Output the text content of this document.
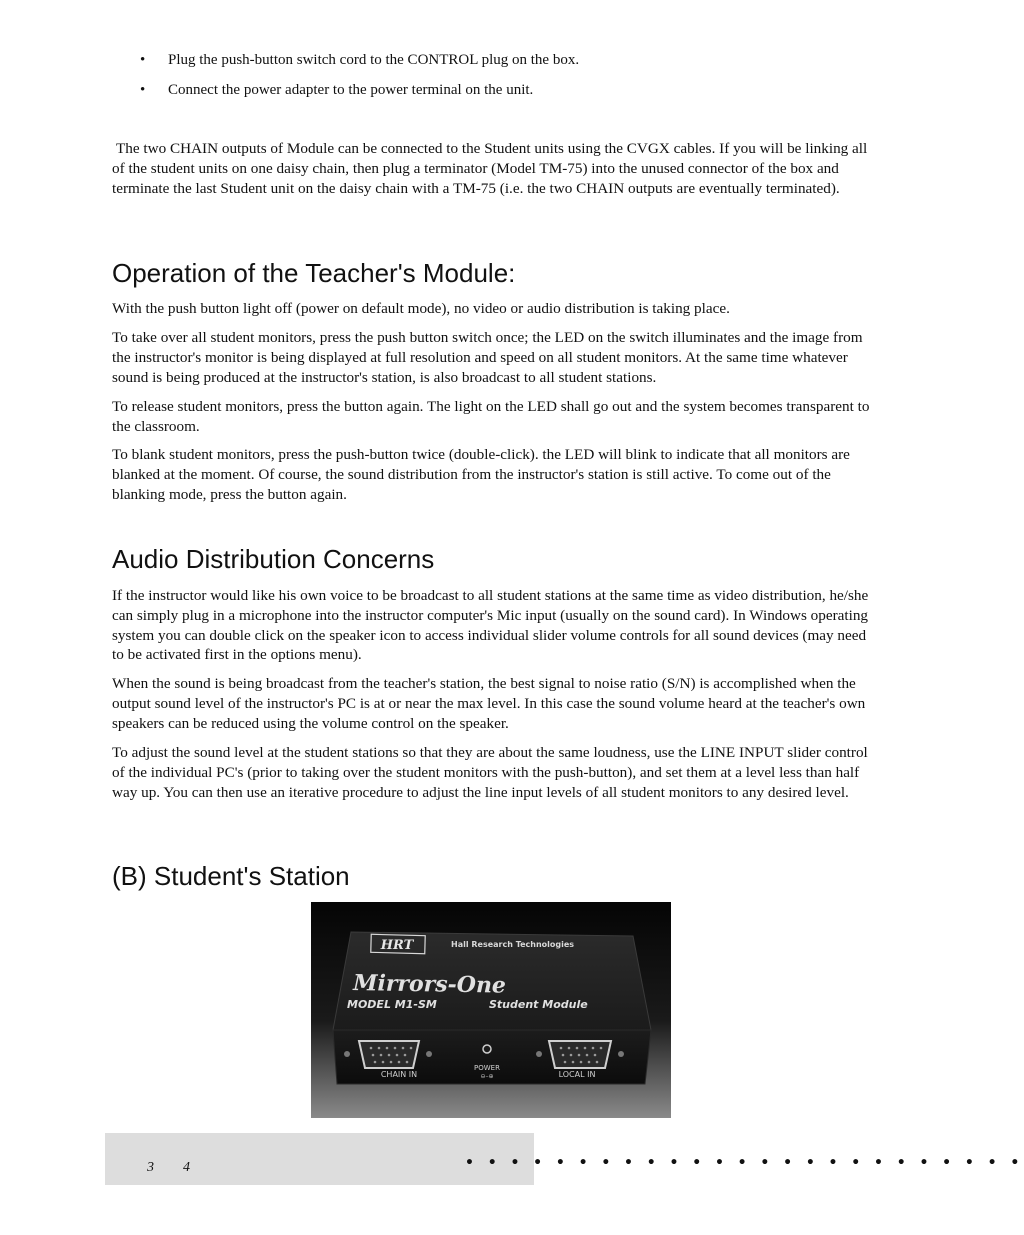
• Plug the push-button switch cord to the CONTROL plug on the box.
• Connect the power adapter to the power terminal on the unit.

The two CHAIN outputs of Module can be connected to the Student units using the CVGX cables. If you will be linking all of the student units on one daisy chain, then plug a terminator (Model TM-75) into the unused connector of the box and terminate the last Student unit on the daisy chain with a TM-75 (i.e. the two CHAIN outputs are eventually terminated).

Operation of the Teacher's Module:

With the push button light off (power on default mode), no video or audio distribution is taking place.

To take over all student monitors, press the push button switch once; the LED on the switch illuminates and the image from the instructor's monitor is being displayed at full resolution and speed on all student monitors. At the same time whatever sound is being produced at the instructor's station, is also broadcast to all student stations.

To release student monitors, press the button again. The light on the LED shall go out and the system becomes transparent to the classroom.

To blank student monitors, press the push-button twice (double-click). the LED will blink to indicate that all monitors are blanked at the moment. Of course, the sound distribution from the instructor's station is still active. To come out of the blanking mode, press the button again.

Audio Distribution Concerns

If the instructor would like his own voice to be broadcast to all student stations at the same time as video distribution, he/she can simply plug in a microphone into the instructor computer's Mic input (usually on the sound card). In Windows operating system you can double click on the speaker icon to access individual slider volume controls for all sound devices (may need to be activated first in the options menu).

When the sound is being broadcast from the teacher's station, the best signal to noise ratio (S/N) is accomplished when the output sound level of the instructor's PC is at or near the max level. In this case the sound volume heard at the teacher's own speakers can be reduced using the volume control on the speaker.

To adjust the sound level at the student stations so that they are about the same loudness, use the LINE INPUT slider control of the individual PC's (prior to taking over the student monitors with the push-button), and set them at a level less than half way up. You can then use an iterative procedure to adjust the line input levels of all student monitors to any desired level.

(B) Student's Station
HRT	Hall Research Technologies
Mirrors-One
MODEL M1-SM	Student Module
CHAIN IN
POWER
⊖–⊕	LOCAL IN
3 4	• • • • • • • • • • • • • • • • • • • • • • • • •
